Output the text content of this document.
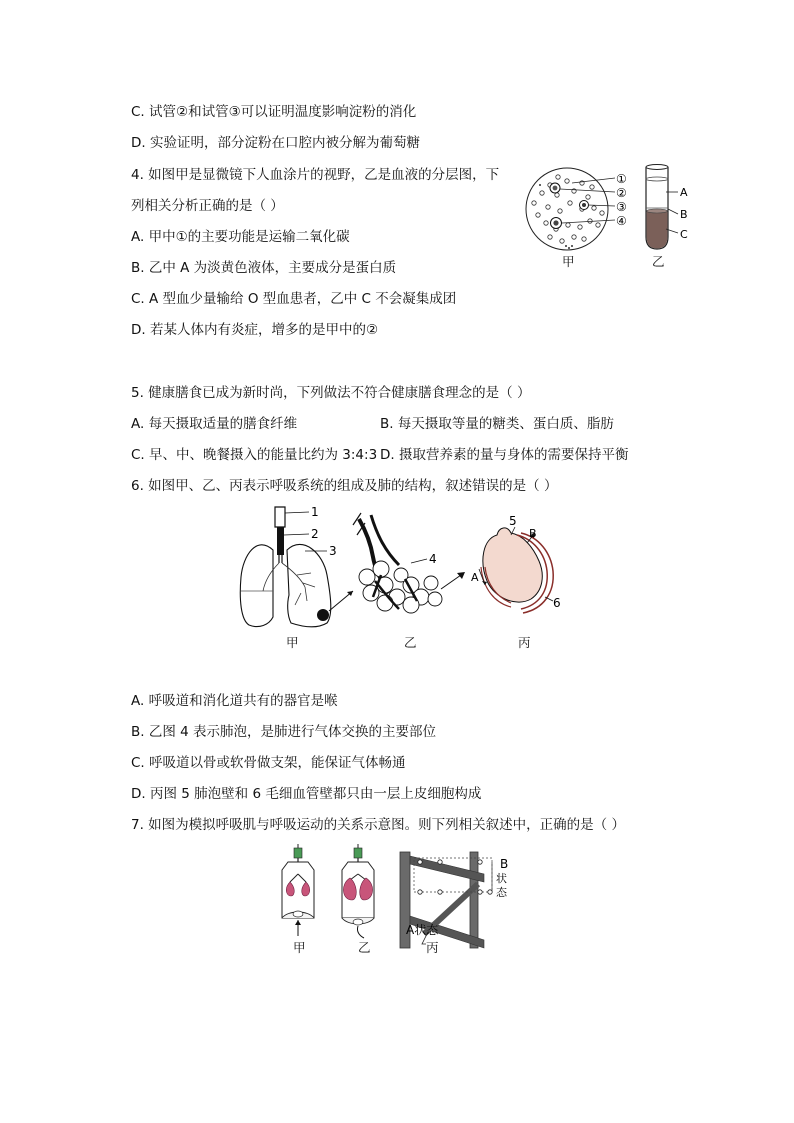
C. 试管②和试管③可以证明温度影响淀粉的消化
D. 实验证明，部分淀粉在口腔内被分解为葡萄糖
4. 如图甲是显微镜下人血涂片的视野，乙是血液的分层图，下
列相关分析正确的是（ ）
A. 甲中①的主要功能是运输二氧化碳
B. 乙中 A 为淡黄色液体，主要成分是蛋白质
C. A 型血少量输给 O 型血患者，乙中 C 不会凝集成团
D. 若某人体内有炎症，增多的是甲中的②
①
②
③
④
甲
A
B
C
乙
5. 健康膳食已成为新时尚，下列做法不符合健康膳食理念的是（ ）
A. 每天摄取适量的膳食纤维	B. 每天摄取等量的糖类、蛋白质、脂肪
C. 早、中、晚餐摄入的能量比约为 3:4:3 D. 摄取营养素的量与身体的需要保持平衡
6. 如图甲、乙、丙表示呼吸系统的组成及肺的结构，叙述错误的是（ ）
1
2
3
4
5
6
A
B
甲	乙	丙
A. 呼吸道和消化道共有的器官是喉
B. 乙图 4 表示肺泡，是肺进行气体交换的主要部位
C. 呼吸道以骨或软骨做支架，能保证气体畅通
D. 丙图 5 肺泡壁和 6 毛细血管壁都只由一层上皮细胞构成
7. 如图为模拟呼吸肌与呼吸运动的关系示意图。则下列相关叙述中，正确的是（ ）
B
状
态
A状态
甲	乙	丙
